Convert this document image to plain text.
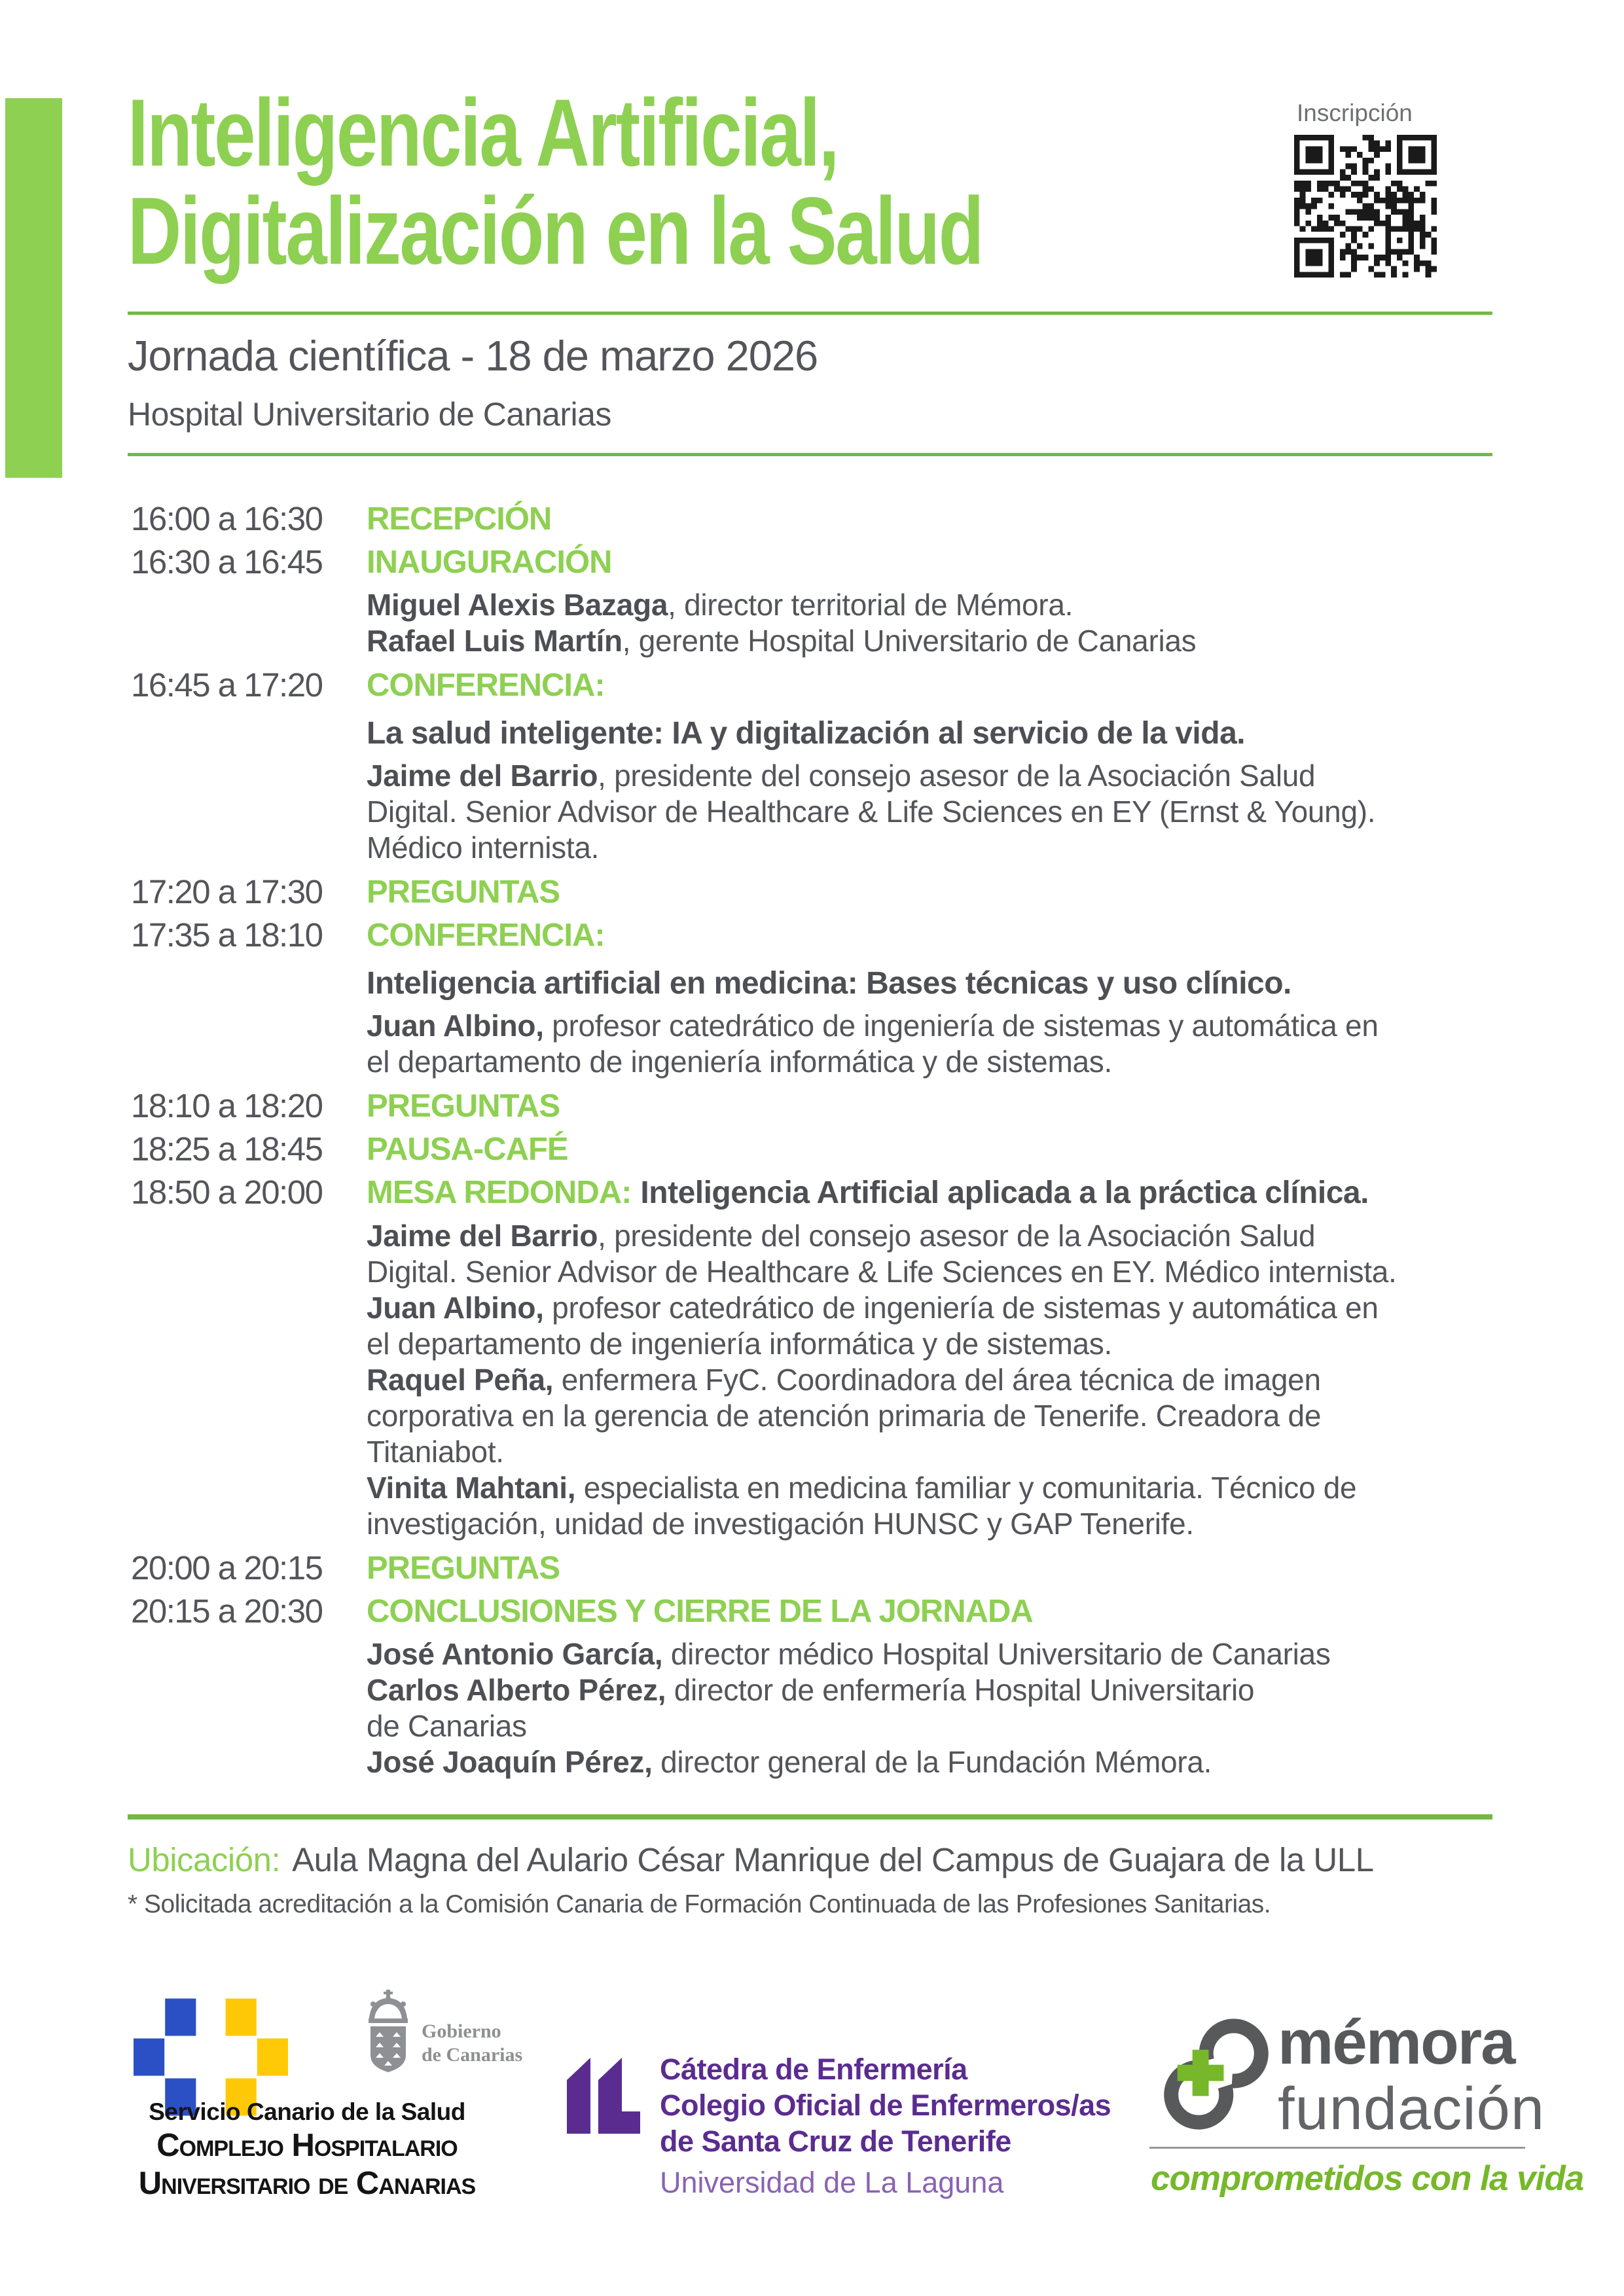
Inteligencia Artificial,
Digitalización en la Salud
Inscripción
Jornada científica - 18 de marzo 2026
Hospital Universitario de Canarias
16:00 a 16:30	RECEPCIÓN
16:30 a 16:45	INAUGURACIÓN
Miguel Alexis Bazaga, director territorial de Mémora.
Rafael Luis Martín, gerente Hospital Universitario de Canarias
16:45 a 17:20	CONFERENCIA:
La salud inteligente: IA y digitalización al servicio de la vida.
Jaime del Barrio, presidente del consejo asesor de la Asociación Salud
Digital. Senior Advisor de Healthcare & Life Sciences en EY (Ernst & Young).
Médico internista.
17:20 a 17:30	PREGUNTAS
17:35 a 18:10	CONFERENCIA:
Inteligencia artificial en medicina: Bases técnicas y uso clínico.
Juan Albino, profesor catedrático de ingeniería de sistemas y automática en
el departamento de ingeniería informática y de sistemas.
18:10 a 18:20	PREGUNTAS
18:25 a 18:45	PAUSA-CAFÉ
18:50 a 20:00	MESA REDONDA: Inteligencia Artificial aplicada a la práctica clínica.
Jaime del Barrio, presidente del consejo asesor de la Asociación Salud
Digital. Senior Advisor de Healthcare & Life Sciences en EY. Médico internista.
Juan Albino, profesor catedrático de ingeniería de sistemas y automática en
el departamento de ingeniería informática y de sistemas.
Raquel Peña, enfermera FyC. Coordinadora del área técnica de imagen
corporativa en la gerencia de atención primaria de Tenerife. Creadora de
Titaniabot.
Vinita Mahtani, especialista en medicina familiar y comunitaria. Técnico de
investigación, unidad de investigación HUNSC y GAP Tenerife.
20:00 a 20:15	PREGUNTAS
20:15 a 20:30	CONCLUSIONES Y CIERRE DE LA JORNADA
José Antonio García, director médico Hospital Universitario de Canarias
Carlos Alberto Pérez, director de enfermería Hospital Universitario
de Canarias
José Joaquín Pérez, director general de la Fundación Mémora.
Ubicación: Aula Magna del Aulario César Manrique del Campus de Guajara de la ULL
* Solicitada acreditación a la Comisión Canaria de Formación Continuada de las Profesiones Sanitarias.
Gobierno
de Canarias
Servicio Canario de la Salud
Complejo Hospitalario
Universitario de Canarias
Cátedra de Enfermería
Colegio Oficial de Enfermeros/as
de Santa Cruz de Tenerife
Universidad de La Laguna
mémora
fundación
comprometidos con la vida
